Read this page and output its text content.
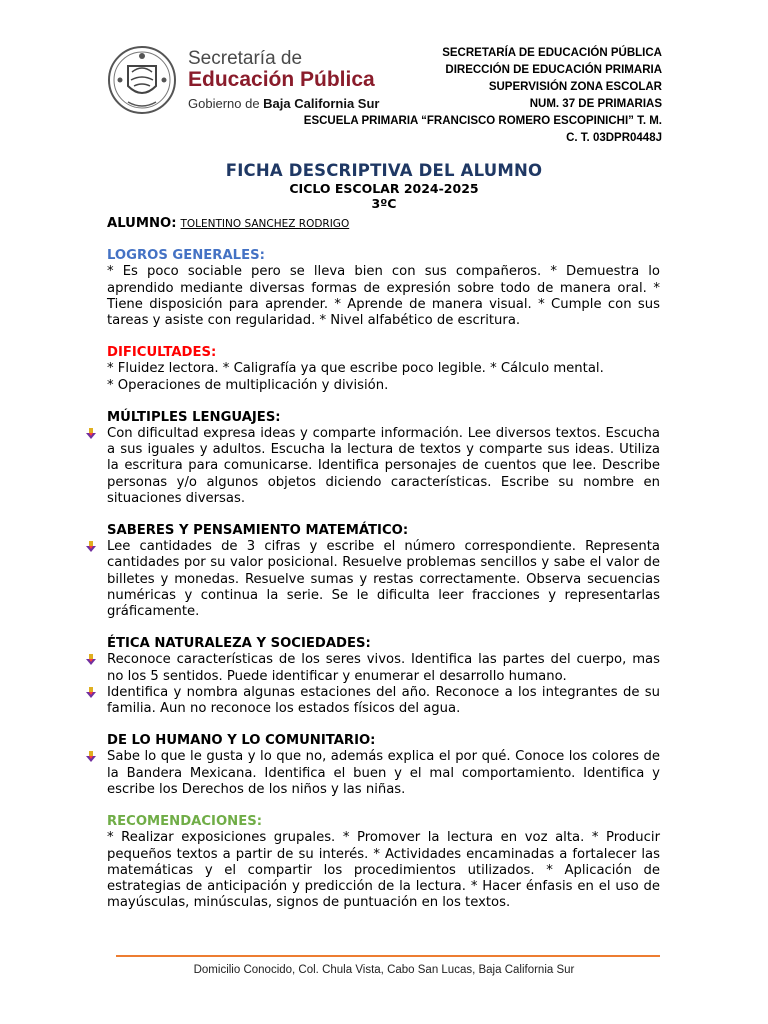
Secretaría de
Educación Pública
Gobierno de Baja California Sur
SECRETARÍA DE EDUCACIÓN PÚBLICA
DIRECCIÓN DE EDUCACIÓN PRIMARIA
SUPERVISIÓN ZONA ESCOLAR
NUM. 37 DE PRIMARIAS
ESCUELA PRIMARIA “FRANCISCO ROMERO ESCOPINICHI” T. M.
C. T. 03DPR0448J
FICHA DESCRIPTIVA DEL ALUMNO
CICLO ESCOLAR 2024-2025
3ºC
ALUMNO: TOLENTINO SANCHEZ RODRIGO
LOGROS GENERALES:

* Es poco sociable pero se lleva bien con sus compañeros. * Demuestra lo aprendido mediante diversas formas de expresión sobre todo de manera oral. * Tiene disposición para aprender. * Aprende de manera visual. * Cumple con sus tareas y asiste con regularidad. * Nivel alfabético de escritura.

DIFICULTADES:

* Fluidez lectora. * Caligrafía ya que escribe poco legible. * Cálculo mental.

* Operaciones de multiplicación y división.

MÚLTIPLES LENGUAJES:
Con dificultad expresa ideas y comparte información. Lee diversos textos. Escucha a sus iguales y adultos. Escucha la lectura de textos y comparte sus ideas. Utiliza la escritura para comunicarse. Identifica personajes de cuentos que lee. Describe personas y/o algunos objetos diciendo características. Escribe su nombre en situaciones diversas.
SABERES Y PENSAMIENTO MATEMÁTICO:
Lee cantidades de 3 cifras y escribe el número correspondiente. Representa cantidades por su valor posicional. Resuelve problemas sencillos y sabe el valor de billetes y monedas. Resuelve sumas y restas correctamente. Observa secuencias numéricas y continua la serie. Se le dificulta leer fracciones y representarlas gráficamente.
ÉTICA NATURALEZA Y SOCIEDADES:
Reconoce características de los seres vivos. Identifica las partes del cuerpo, mas no los 5 sentidos. Puede identificar y enumerar el desarrollo humano.
Identifica y nombra algunas estaciones del año. Reconoce a los integrantes de su familia. Aun no reconoce los estados físicos del agua.
DE LO HUMANO Y LO COMUNITARIO:
Sabe lo que le gusta y lo que no, además explica el por qué. Conoce los colores de la Bandera Mexicana. Identifica el buen y el mal comportamiento. Identifica y escribe los Derechos de los niños y las niñas.
RECOMENDACIONES:

* Realizar exposiciones grupales. * Promover la lectura en voz alta. * Producir pequeños textos a partir de su interés. * Actividades encaminadas a fortalecer las matemáticas y el compartir los procedimientos utilizados. * Aplicación de estrategias de anticipación y predicción de la lectura. * Hacer énfasis en el uso de mayúsculas, minúsculas, signos de puntuación en los textos.

Domicilio Conocido, Col. Chula Vista, Cabo San Lucas, Baja California Sur
